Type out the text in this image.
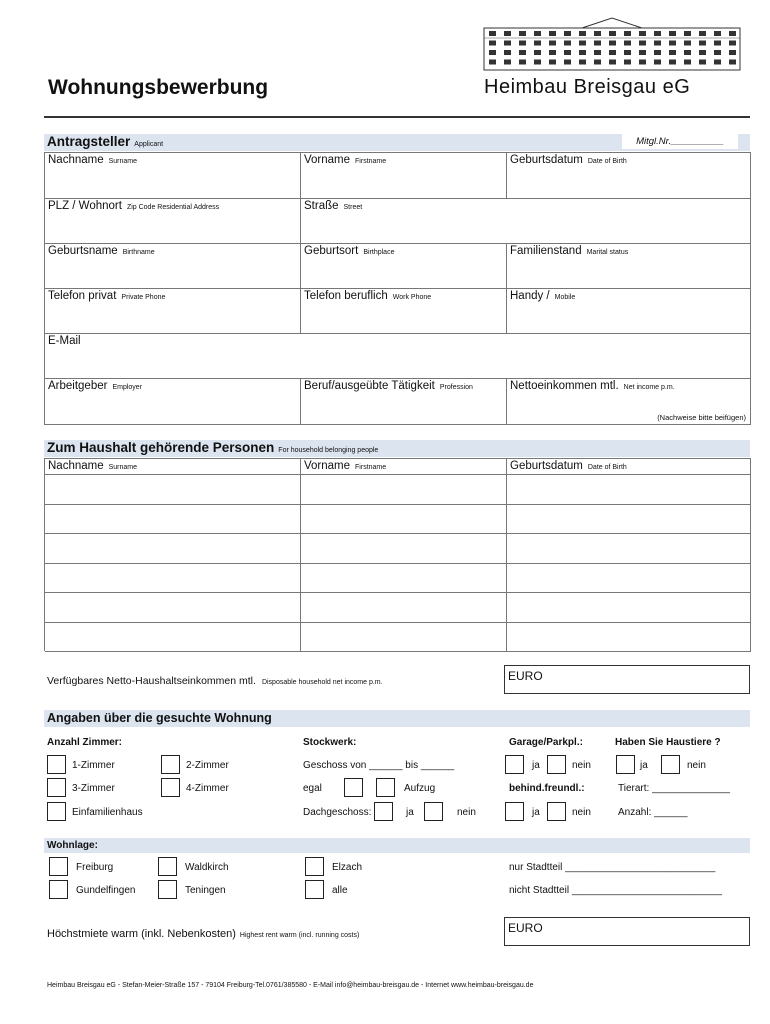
Wohnungsbewerbung	Heimbau Breisgau eG
Antragsteller Applicant	Mitgl.Nr.__________
Nachname Surname	Vorname Firstname	Geburtsdatum Date of Birth
PLZ / Wohnort Zip Code Residential Address	Straße Street
Geburtsname Birthname	Geburtsort Birthplace	Familienstand Marital status
Telefon privat Private Phone	Telefon beruflich Work Phone	Handy / Mobile
E-Mail
Arbeitgeber Employer	Beruf/ausgeübte Tätigkeit Profession	Nettoeinkommen mtl. Net income p.m.
(Nachweise bitte beifügen)
Zum Haushalt gehörende Personen For household belonging people
Nachname Surname	Vorname Firstname	Geburtsdatum Date of Birth
Verfügbares Netto-Haushaltseinkommen mtl. Disposable household net income p.m.	EURO
Angaben über die gesuchte Wohnung
Anzahl Zimmer:	Stockwerk:	Garage/Parkpl.:	Haben Sie Haustiere ?
1-Zimmer	2-Zimmer
3-Zimmer	4-Zimmer
Einfamilienhaus
Geschoss von ______ bis ______
egal	Aufzug
Dachgeschoss:	ja	nein
ja	nein
behind.freundl.:
ja	nein
ja	nein
Tierart: ______________
Anzahl: ______
Wohnlage:
Freiburg	Waldkirch	Elzach	nur Stadtteil ___________________________
Gundelfingen	Teningen	alle	nicht Stadtteil ___________________________
Höchstmiete warm (inkl. Nebenkosten) Highest rent warm (incl. running costs)
EURO
Heimbau Breisgau eG - Stefan-Meier-Straße 157 - 79104 Freiburg-Tel.0761/385580 - E-Mail info@heimbau-breisgau.de - Internet www.heimbau-breisgau.de
